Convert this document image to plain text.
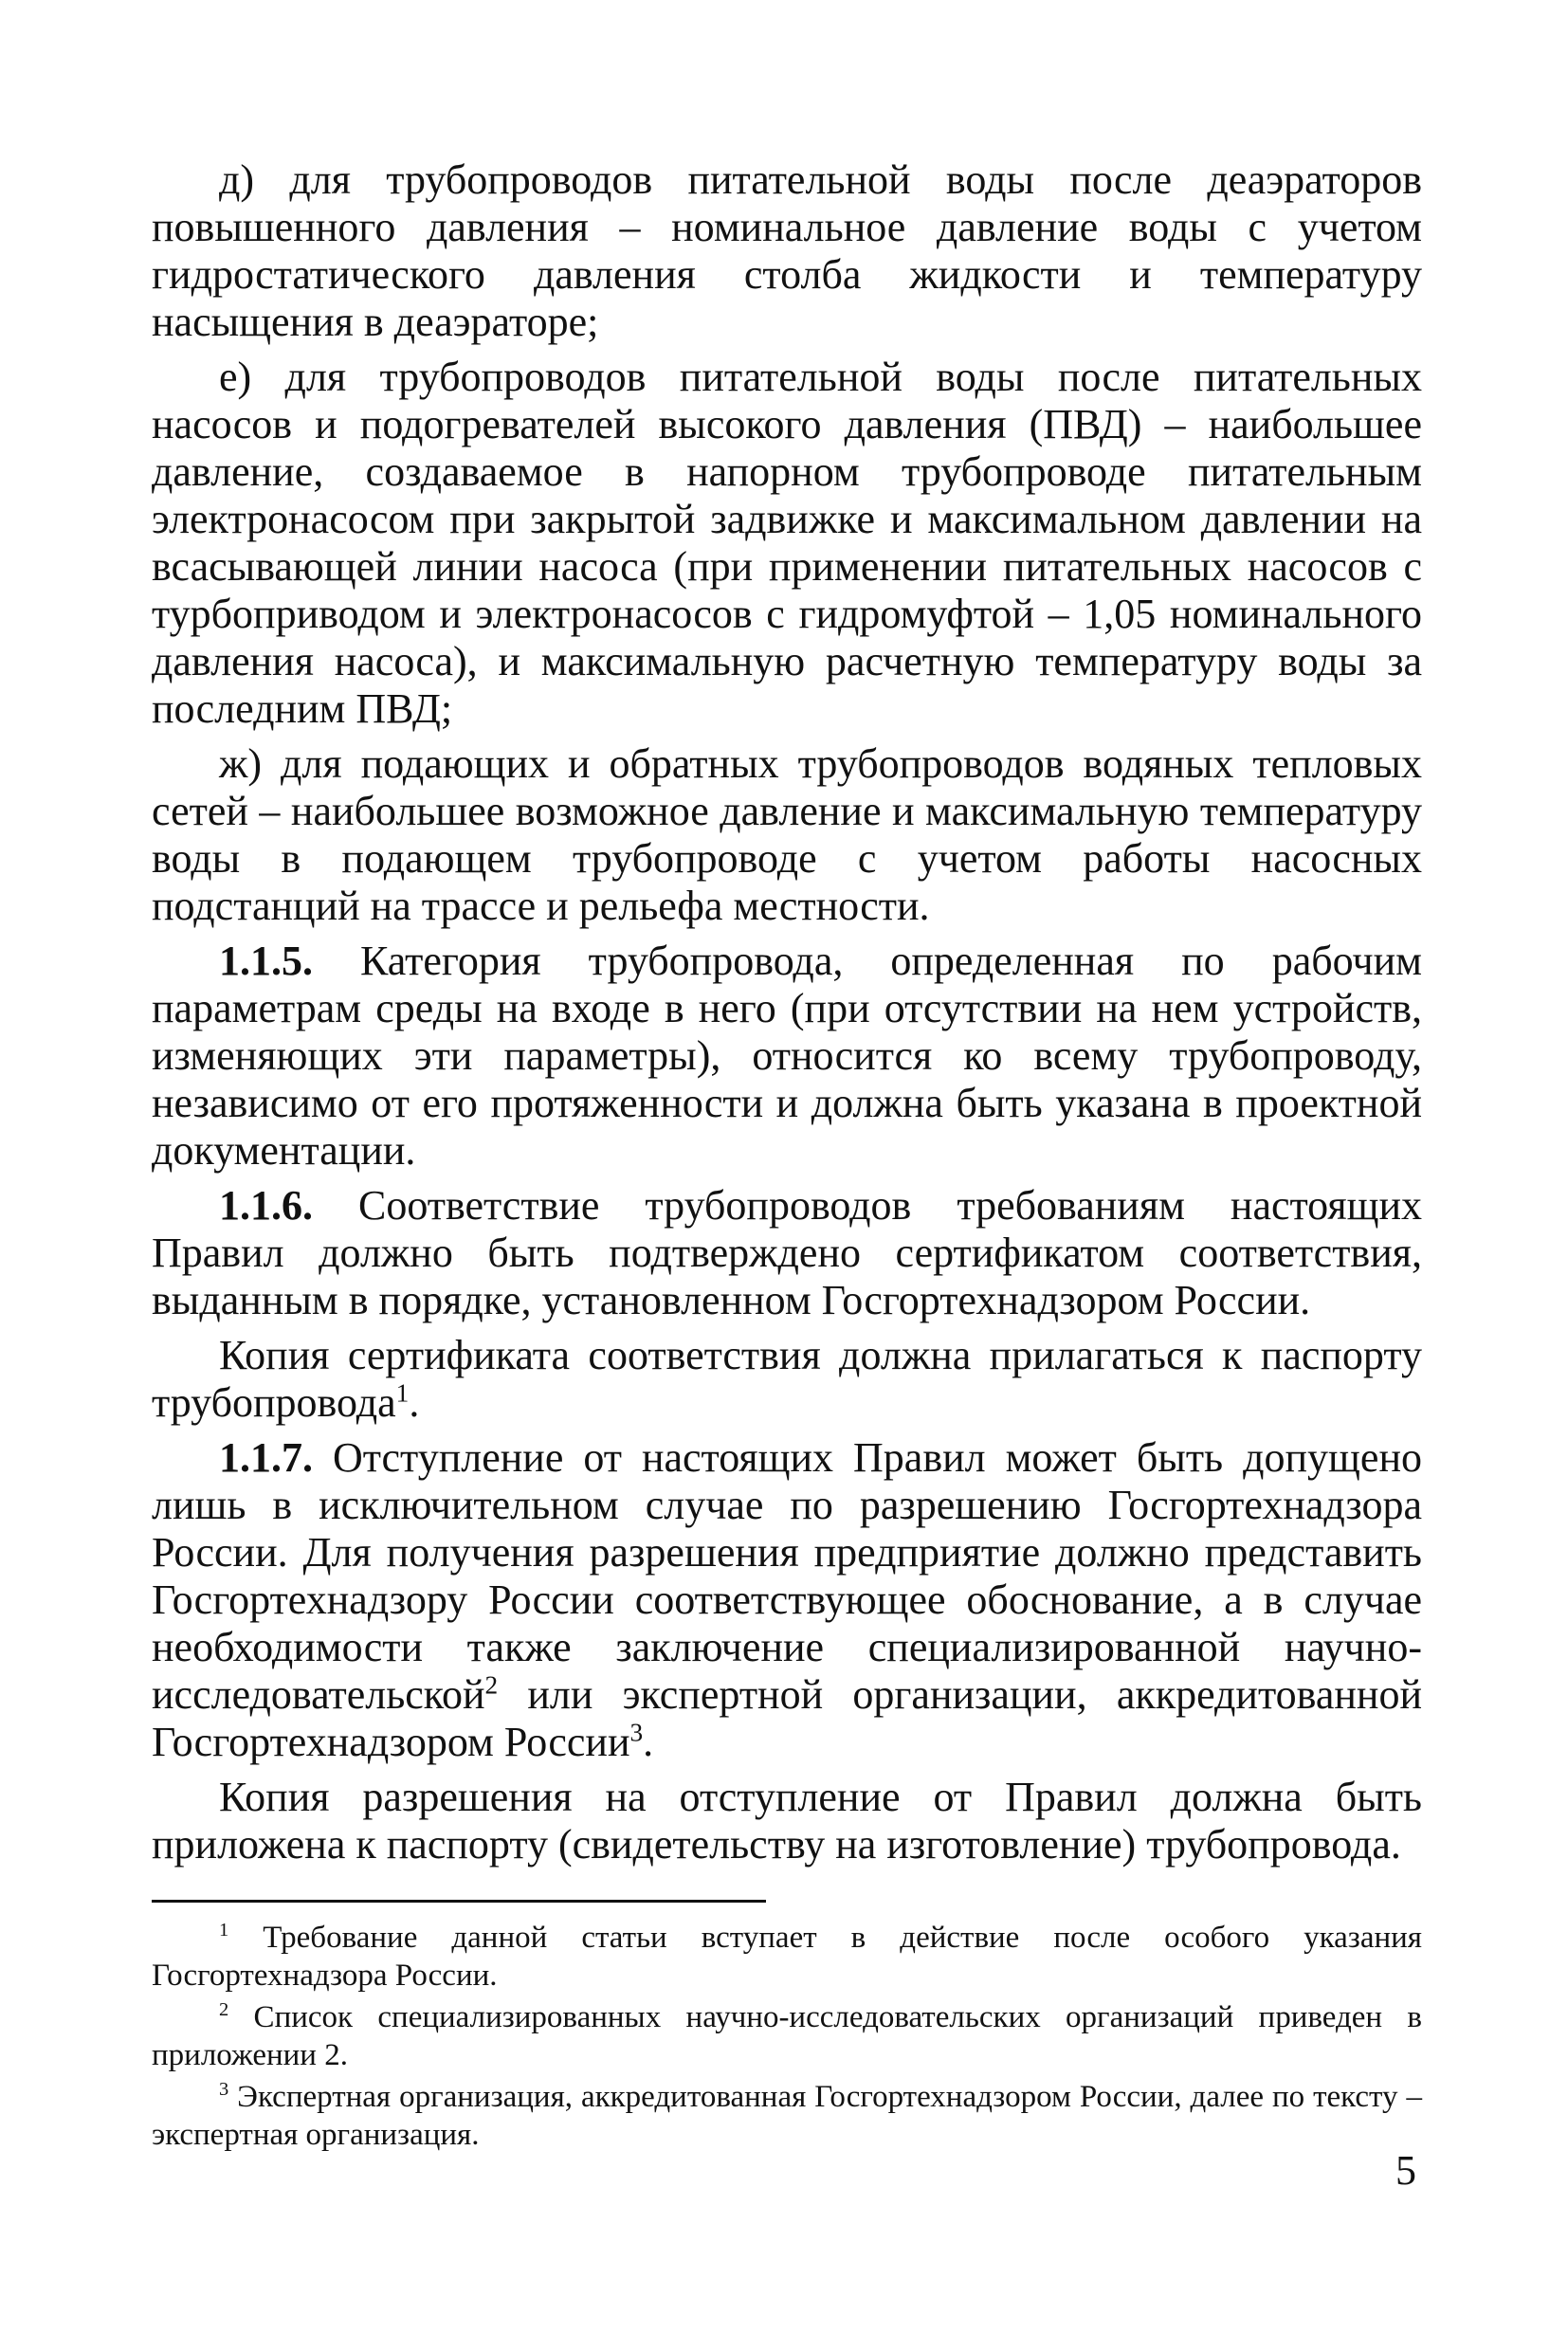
д) для трубопроводов питательной воды после деаэраторов повышенного давления – номинальное давление воды с учетом гидростатического давления столба жидкости и температуру насыщения в деаэраторе;

е) для трубопроводов питательной воды после питательных насосов и подогревателей высокого давления (ПВД) – наибольшее давление, создаваемое в напорном трубопроводе питательным электронасосом при закрытой задвижке и максимальном давлении на всасывающей линии насоса (при применении питательных насосов с турбоприводом и электронасосов с гидромуфтой – 1,05 номинального давления насоса), и максимальную расчетную температуру воды за последним ПВД;

ж) для подающих и обратных трубопроводов водяных тепловых сетей – наибольшее возможное давление и максимальную температуру воды в подающем трубопроводе с учетом работы насосных подстанций на трассе и рельефа местности.

1.1.5. Категория трубопровода, определенная по рабочим параметрам среды на входе в него (при отсутствии на нем устройств, изменяющих эти параметры), относится ко всему трубопроводу, независимо от его протяженности и должна быть указана в проектной документации.

1.1.6. Соответствие трубопроводов требованиям настоящих Правил должно быть подтверждено сертификатом соответствия, выданным в порядке, установленном Госгортехнадзором России.

Копия сертификата соответствия должна прилагаться к паспорту трубопровода$^1$.

1.1.7. Отступление от настоящих Правил может быть допущено лишь в исключительном случае по разрешению Госгортехнадзора России. Для получения разрешения предприятие должно представить Госгортехнадзору России соответствующее обоснование, а в случае необходимости также заключение специализированной научно-исследовательской$^2$ или экспертной организации, аккредитованной Госгортехнадзором России$^3$.

Копия разрешения на отступление от Правил должна быть приложена к паспорту (свидетельству на изготовление) трубопровода.

$^1$ Требование данной статьи вступает в действие после особого указания Госгортехнадзора России.

$^2$ Список специализированных научно-исследовательских организаций приведен в приложении 2.

$^3$ Экспертная организация, аккредитованная Госгортехнадзором России, далее по тексту – экспертная организация.

5
